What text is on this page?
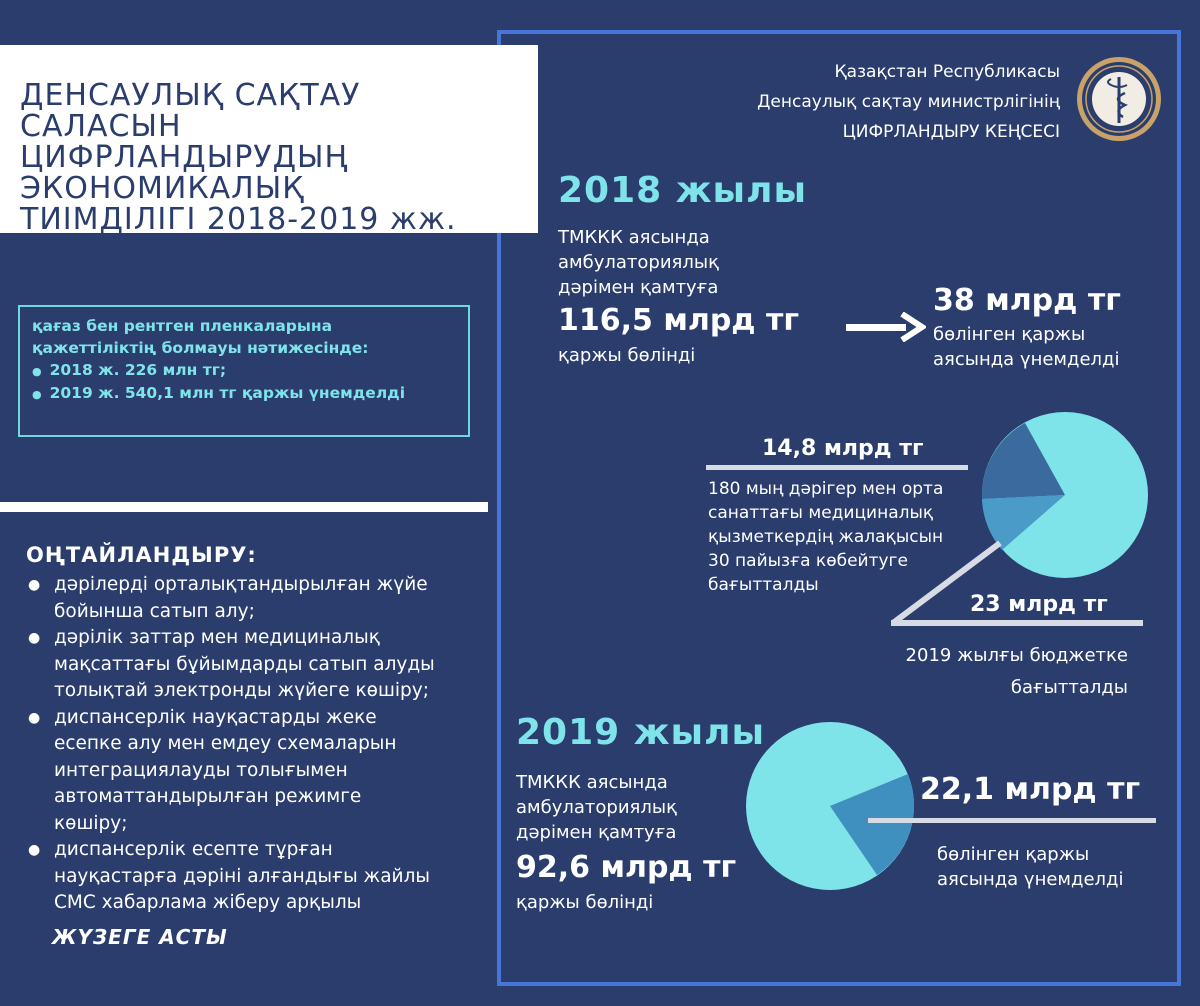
ДЕНСАУЛЫҚ САҚТАУ САЛАСЫН
ЦИФРЛАНДЫРУДЫҢ
ЭКОНОМИКАЛЫҚ
ТИІМДІЛІГІ 2018-2019 жж.
Қазақстан Республикасы
Денсаулық сақтау министрлігінің
ЦИФРЛАНДЫРУ КЕҢСЕСІ
қағаз бен рентген пленкаларына
қажеттіліктің болмауы нәтижесінде:
● 2018 ж. 226 млн тг;
● 2019 ж. 540,1 млн тг қаржы үнемделді
ОҢТАЙЛАНДЫРУ:
● дәрілерді орталықтандырылған жүйе
бойынша сатып алу;
● дәрілік заттар мен медициналық
мақсаттағы бұйымдарды сатып алуды
толықтай электронды жүйеге көшіру;
● диспансерлік науқастарды жеке
есепке алу мен емдеу схемаларын
интеграциялауды толығымен
автоматтандырылған режимге
көшіру;
● диспансерлік есепте тұрған
науқастарға дәріні алғандығы жайлы
СМС хабарлама жіберу арқылы
ЖҮЗЕГЕ АСТЫ
2018 жылы
ТМККК аясында
амбулаториялық
дәрімен қамтуға
116,5 млрд тг
қаржы бөлінді
38 млрд тг
бөлінген қаржы
аясында үнемделді
14,8 млрд тг
180 мың дәрігер мен орта
санаттағы медициналық
қызметкердің жалақысын
30 пайызға көбейтуге
бағытталды
23 млрд тг
2019 жылғы бюджетке
бағытталды
2019 жылы
ТМККК аясында
амбулаториялық
дәрімен қамтуға
92,6 млрд тг
қаржы бөлінді
22,1 млрд тг
бөлінген қаржы
аясында үнемделді
